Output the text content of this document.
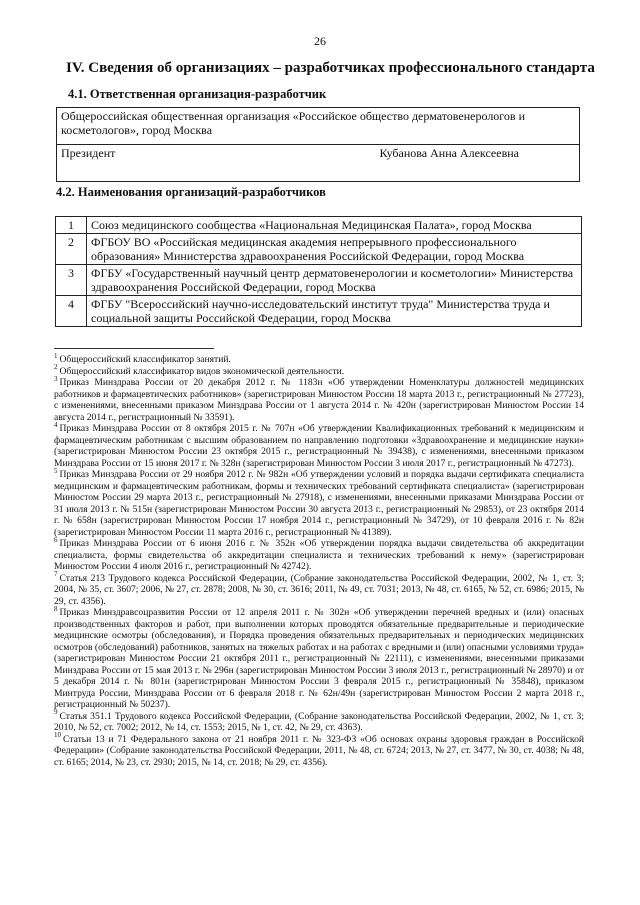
26
IV. Сведения об организациях – разработчиках профессионального стандарта
4.1. Ответственная организация-разработчик
Общероссийская общественная организация «Российское общество дерматовенерологов и косметологов», город Москва

Президент	Кубанова Анна Алексеевна
4.2. Наименования организаций-разработчиков
1	Союз медицинского сообщества «Национальная Медицинская Палата», город Москва
2	ФГБОУ ВО «Российская медицинская академия непрерывного профессионального образования» Министерства здравоохранения Российской Федерации, город Москва
3	ФГБУ «Государственный научный центр дерматовенерологии и косметологии» Министерства здравоохранения Российской Федерации, город Москва
4	ФГБУ "Всероссийский научно-исследовательский институт труда" Министерства труда и социальной защиты Российской Федерации, город Москва

$^1$ Общероссийский классификатор занятий.

$^2$ Общероссийский классификатор видов экономической деятельности.

$^3$ Приказ Минздрава России от 20 декабря 2012 г. № 1183н «Об утверждении Номенклатуры должностей медицинских работников и фармацевтических работников» (зарегистрирован Минюстом России 18 марта 2013 г., регистрационный № 27723), с изменениями, внесенными приказом Минздрава России от 1 августа 2014 г. № 420н (зарегистрирован Минюстом России 14 августа 2014 г., регистрационный № 33591).

$^4$ Приказ Минздрава России от 8 октября 2015 г. № 707н «Об утверждении Квалификационных требований к медицинским и фармацевтическим работникам с высшим образованием по направлению подготовки «Здравоохранение и медицинские науки» (зарегистрирован Минюстом России 23 октября 2015 г., регистрационный № 39438), с изменениями, внесенными приказом Минздрава России от 15 июня 2017 г. № 328н (зарегистрирован Минюстом России 3 июля 2017 г., регистрационный № 47273).

$^5$ Приказ Минздрава России от 29 ноября 2012 г. № 982н «Об утверждении условий и порядка выдачи сертификата специалиста медицинским и фармацевтическим работникам, формы и технических требований сертификата специалиста» (зарегистрирован Минюстом России 29 марта 2013 г., регистрационный № 27918), с изменениями, внесенными приказами Минздрава России от 31 июля 2013 г. № 515н (зарегистрирован Минюстом России 30 августа 2013 г., регистрационный № 29853), от 23 октября 2014 г. № 658н (зарегистрирован Минюстом России 17 ноября 2014 г., регистрационный № 34729), от 10 февраля 2016 г. № 82н (зарегистрирован Минюстом России 11 марта 2016 г., регистрационный № 41389).

$^6$ Приказ Минздрава России от 6 июня 2016 г. № 352н «Об утверждении порядка выдачи свидетельства об аккредитации специалиста, формы свидетельства об аккредитации специалиста и технических требований к нему» (зарегистрирован Минюстом России 4 июля 2016 г., регистрационный № 42742).

$^7$ Статья 213 Трудового кодекса Российской Федерации, (Собрание законодательства Российской Федерации, 2002, № 1, ст. 3; 2004, № 35, ст. 3607; 2006, № 27, ст. 2878; 2008, № 30, ст. 3616; 2011, № 49, ст. 7031; 2013, № 48, ст. 6165, № 52, ст. 6986; 2015, № 29, ст. 4356).

$^8$ Приказ Минздравсоцразвития России от 12 апреля 2011 г. № 302н «Об утверждении перечней вредных и (или) опасных производственных факторов и работ, при выполнении которых проводятся обязательные предварительные и периодические медицинские осмотры (обследования), и Порядка проведения обязательных предварительных и периодических медицинских осмотров (обследований) работников, занятых на тяжелых работах и на работах с вредными и (или) опасными условиями труда» (зарегистрирован Минюстом России 21 октября 2011 г., регистрационный № 22111), с изменениями, внесенными приказами Минздрава России от 15 мая 2013 г. № 296н (зарегистрирован Минюстом России 3 июля 2013 г., регистрационный № 28970) и от 5 декабря 2014 г. № 801н (зарегистрирован Минюстом России 3 февраля 2015 г., регистрационный № 35848), приказом Минтруда России, Минздрава России от 6 февраля 2018 г. № 62н/49н (зарегистрирован Минюстом России 2 марта 2018 г., регистрационный № 50237).

$^9$ Статья 351.1 Трудового кодекса Российской Федерации, (Собрание законодательства Российской Федерации, 2002, № 1, ст. 3; 2010, № 52, ст. 7002; 2012, № 14, ст. 1553; 2015, № 1, ст. 42, № 29, ст. 4363).

$^{10}$ Статьи 13 и 71 Федерального закона от 21 ноября 2011 г. № 323-ФЗ «Об основах охраны здоровья граждан в Российской Федерации» (Собрание законодательства Российской Федерации, 2011, № 48, ст. 6724; 2013, № 27, ст. 3477, № 30, ст. 4038; № 48, ст. 6165; 2014, № 23, ст. 2930; 2015, № 14, ст. 2018; № 29, ст. 4356).
